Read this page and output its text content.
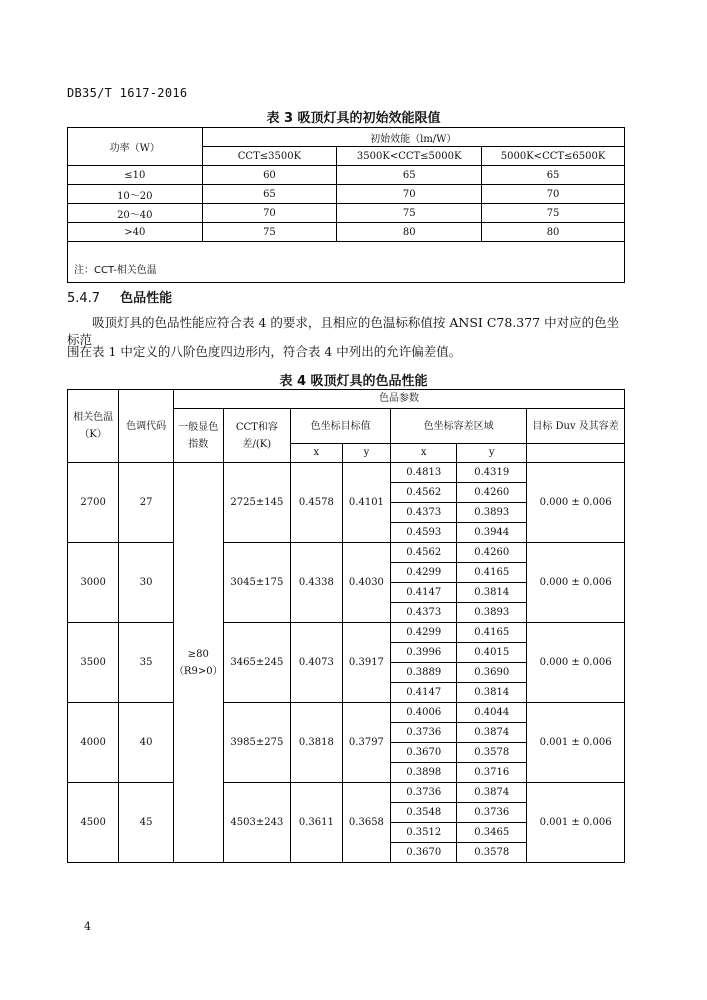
DB35/T 1617-2016
表 3 吸顶灯具的初始效能限值
功率（W）	初始效能（lm/W）		
	CCT≤3500K	3500K<CCT≤5000K	5000K<CCT≤6500K
≤10	60	65	65
10～20	65	70	70
20～40	70	75	75
>40	75	80	80
注：CCT-相关色温			
5.4.7 色品性能
吸顶灯具的色品性能应符合表 4 的要求，且相应的色温标称值按 ANSI C78.377 中对应的色坐标范
围在表 1 中定义的八阶色度四边形内，符合表 4 中列出的允许偏差值。
表 4 吸顶灯具的色品性能
相关色温（K）	色调代码	色品参数						
		一般显色指数	CCT和容差/(K)	色坐标目标值		色坐标容差区域		目标 Duv 及其容差
				x	y	x	y	
2700	27	≥80（R9>0）	2725±145	0.4578	0.4101	0.4813	0.4319	0.000 ± 0.006
						0.4562	0.4260	
						0.4373	0.3893	
						0.4593	0.3944	
3000	30		3045±175	0.4338	0.4030	0.4562	0.4260	0.000 ± 0.006
						0.4299	0.4165	
						0.4147	0.3814	
						0.4373	0.3893	
3500	35		3465±245	0.4073	0.3917	0.4299	0.4165	0.000 ± 0.006
						0.3996	0.4015	
						0.3889	0.3690	
						0.4147	0.3814	
4000	40		3985±275	0.3818	0.3797	0.4006	0.4044	0.001 ± 0.006
						0.3736	0.3874	
						0.3670	0.3578	
						0.3898	0.3716	
4500	45		4503±243	0.3611	0.3658	0.3736	0.3874	0.001 ± 0.006
						0.3548	0.3736	
						0.3512	0.3465	
						0.3670	0.3578	
4
